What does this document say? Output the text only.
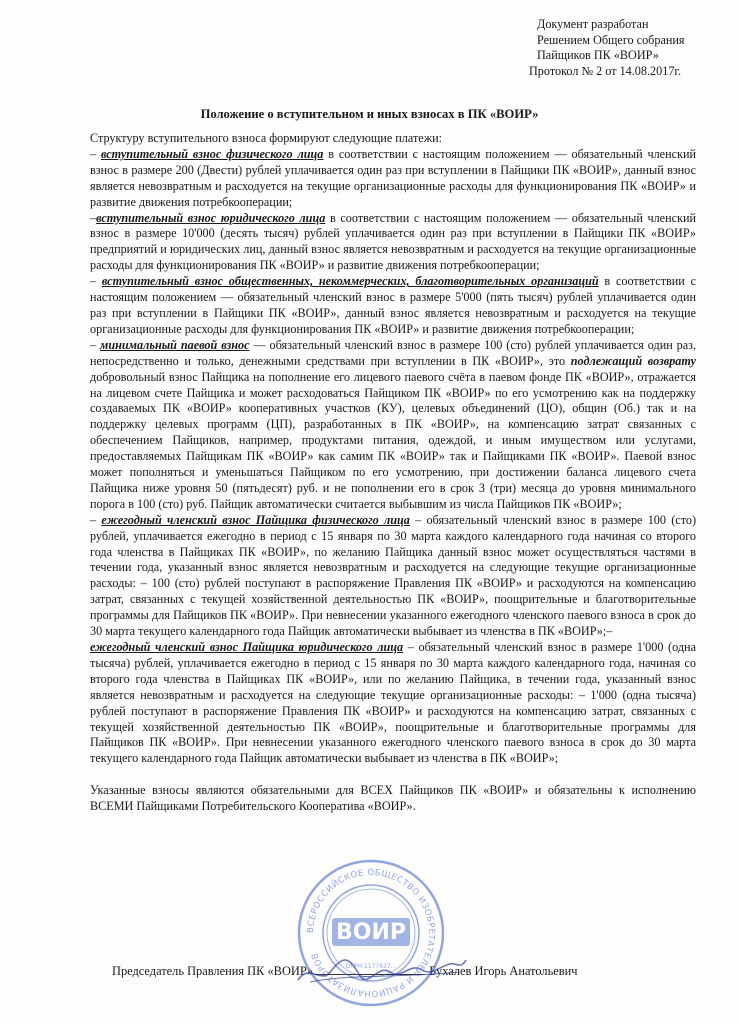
Документ разработан
Решением Общего собрания
Пайщиков ПК «ВОИР»
Протокол № 2 от 14.08.2017г.
Положение о вступительном и иных взносах в ПК «ВОИР»

Структуру вступительного взноса формируют следующие платежи:

– вступительный взнос физического лица в соответствии с настоящим положением — обязательный членский взнос в размере 200 (Двести) рублей уплачивается один раз при вступлении в Пайщики ПК «ВОИР», данный взнос является невозвратным и расходуется на текущие организационные расходы для функционирования ПК «ВОИР» и развитие движения потребкооперации;

–вступительный взнос юридического лица в соответствии с настоящим положением — обязательный членский взнос в размере 10'000 (десять тысяч) рублей уплачивается один раз при вступлении в Пайщики ПК «ВОИР» предприятий и юридических лиц, данный взнос является невозвратным и расходуется на текущие организационные расходы для функционирования ПК «ВОИР» и развитие движения потребкооперации;

– вступительный взнос общественных, некоммерческих, благотворительных организаций в соответствии с настоящим положением — обязательный членский взнос в размере 5'000 (пять тысяч) рублей уплачивается один раз при вступлении в Пайщики ПК «ВОИР», данный взнос является невозвратным и расходуется на текущие организационные расходы для функционирования ПК «ВОИР» и развитие движения потребкооперации;

– минимальный паевой взнос — обязательный членский взнос в размере 100 (сто) рублей уплачивается один раз, непосредственно и только, денежными средствами при вступлении в ПК «ВОИР», это подлежащий возврату добровольный взнос Пайщика на пополнение его лицевого паевого счёта в паевом фонде ПК «ВОИР», отражается на лицевом счете Пайщика и может расходоваться Пайщиком ПК «ВОИР» по его усмотрению как на поддержку создаваемых ПК «ВОИР» кооперативных участков (КУ), целевых объединений (ЦО), общин (Об.) так и на поддержку целевых программ (ЦП), разработанных в ПК «ВОИР», на компенсацию затрат связанных с обеспечением Пайщиков, например, продуктами питания, одеждой, и иным имуществом или услугами, предоставляемых Пайщикам ПК «ВОИР» как самим ПК «ВОИР» так и Пайщиками ПК «ВОИР». Паевой взнос может пополняться и уменьшаться Пайщиком по его усмотрению, при достижении баланса лицевого счета Пайщика ниже уровня 50 (пятьдесят) руб. и не пополнении его в срок 3 (три) месяца до уровня минимального порога в 100 (сто) руб. Пайщик автоматически считается выбывшим из числа Пайщиков ПК «ВОИР»;

– ежегодный членский взнос Пайщика физического лица – обязательный членский взнос в размере 100 (сто) рублей, уплачивается ежегодно в период с 15 января по 30 марта каждого календарного года начиная со второго года членства в Пайщиках ПК «ВОИР», по желанию Пайщика данный взнос может осуществляться частями в течении года, указанный взнос является невозвратным и расходуется на следующие текущие организационные расходы: – 100 (сто) рублей поступают в распоряжение Правления ПК «ВОИР» и расходуются на компенсацию затрат, связанных с текущей хозяйственной деятельностью ПК «ВОИР», поощрительные и благотворительные программы для Пайщиков ПК «ВОИР». При невнесении указанного ежегодного членского паевого взноса в срок до 30 марта текущего календарного года Пайщик автоматически выбывает из членства в ПК «ВОИР»;–

ежегодный членский взнос Пайщика юридического лица – обязательный членский взнос в размере 1'000 (одна тысяча) рублей, уплачивается ежегодно в период с 15 января по 30 марта каждого календарного года, начиная со второго года членства в Пайщиках ПК «ВОИР», или по желанию Пайщика, в течении года, указанный взнос является невозвратным и расходуется на следующие текущие организационные расходы: – 1'000 (одна тысяча) рублей поступают в распоряжение Правления ПК «ВОИР» и расходуются на компенсацию затрат, связанных с текущей хозяйственной деятельностью ПК «ВОИР», поощрительные и благотворительные программы для Пайщиков ПК «ВОИР». При невнесении указанного ежегодного членского паевого взноса в срок до 30 марта текущего календарного года Пайщик автоматически выбывает из членства в ПК «ВОИР»;

Указанные взносы являются обязательными для ВСЕХ Пайщиков ПК «ВОИР» и обязательны к исполнению ВСЕМИ Пайщиками Потребительского Кооператива «ВОИР».

Председатель Правления ПК «ВОИР»	Бухалев Игорь Анатольевич
ВСЕРОССИЙСКОЕ ОБЩЕСТВО ИЗОБРЕТАТЕЛЕЙ И РАЦИОНАЛИЗАТОРОВ
ВОИР
ОГРН 1177627...
